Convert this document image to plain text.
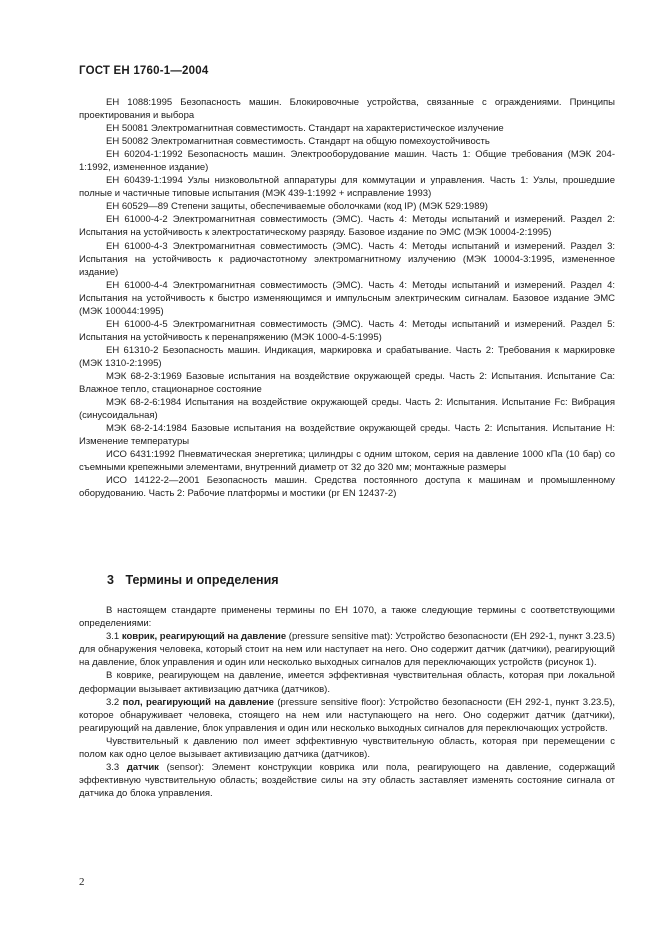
ГОСТ ЕН 1760-1—2004

ЕН 1088:1995 Безопасность машин. Блокировочные устройства, связанные с ограждениями. Принципы проектирования и выбора

ЕН 50081 Электромагнитная совместимость. Стандарт на характеристическое излучение

ЕН 50082 Электромагнитная совместимость. Стандарт на общую помехоустойчивость

ЕН 60204-1:1992 Безопасность машин. Электрооборудование машин. Часть 1: Общие требования (МЭК 204-1:1992, измененное издание)

ЕН 60439-1:1994 Узлы низковольтной аппаратуры для коммутации и управления. Часть 1: Узлы, прошедшие полные и частичные типовые испытания (МЭК 439-1:1992 + исправление 1993)

ЕН 60529—89 Степени защиты, обеспечиваемые оболочками (код IP) (МЭК 529:1989)

ЕН 61000-4-2 Электромагнитная совместимость (ЭМС). Часть 4: Методы испытаний и измерений. Раздел 2: Испытания на устойчивость к электростатическому разряду. Базовое издание по ЭМС (МЭК 10004-2:1995)

ЕН 61000-4-3 Электромагнитная совместимость (ЭМС). Часть 4: Методы испытаний и измерений. Раздел 3: Испытания на устойчивость к радиочастотному электромагнитному излучению (МЭК 10004-3:1995, измененное издание)

ЕН 61000-4-4 Электромагнитная совместимость (ЭМС). Часть 4: Методы испытаний и измерений. Раздел 4: Испытания на устойчивость к быстро изменяющимся и импульсным электрическим сигналам. Базовое издание ЭМС (МЭК 100044:1995)

ЕН 61000-4-5 Электромагнитная совместимость (ЭМС). Часть 4: Методы испытаний и измерений. Раздел 5: Испытания на устойчивость к перенапряжению (МЭК 1000-4-5:1995)

ЕН 61310-2 Безопасность машин. Индикация, маркировка и срабатывание. Часть 2: Требования к маркировке (МЭК 1310-2:1995)

МЭК 68-2-3:1969 Базовые испытания на воздействие окружающей среды. Часть 2: Испытания. Испытание Са: Влажное тепло, стационарное состояние

МЭК 68-2-6:1984 Испытания на воздействие окружающей среды. Часть 2: Испытания. Испытание Fc: Вибрация (синусоидальная)

МЭК 68-2-14:1984 Базовые испытания на воздействие окружающей среды. Часть 2: Испытания. Испытание Н: Изменение температуры

ИСО 6431:1992 Пневматическая энергетика; цилиндры с одним штоком, серия на давление 1000 кПа (10 бар) со съемными крепежными элементами, внутренний диаметр от 32 до 320 мм; монтажные размеры

ИСО 14122-2—2001 Безопасность машин. Средства постоянного доступа к машинам и промышленному оборудованию. Часть 2: Рабочие платформы и мостики (pr EN 12437-2)

3 Термины и определения

В настоящем стандарте применены термины по ЕН 1070, а также следующие термины с соответствующими определениями:

3.1 коврик, реагирующий на давление (pressure sensitive mat): Устройство безопасности (ЕН 292-1, пункт 3.23.5) для обнаружения человека, который стоит на нем или наступает на него. Оно содержит датчик (датчики), реагирующий на давление, блок управления и один или несколько выходных сигналов для переключающих устройств (рисунок 1).

В коврике, реагирующем на давление, имеется эффективная чувствительная область, которая при локальной деформации вызывает активизацию датчика (датчиков).

3.2 пол, реагирующий на давление (pressure sensitive floor): Устройство безопасности (ЕН 292-1, пункт 3.23.5), которое обнаруживает человека, стоящего на нем или наступающего на него. Оно содержит датчик (датчики), реагирующий на давление, блок управления и один или несколько выходных сигналов для переключающих устройств.

Чувствительный к давлению пол имеет эффективную чувствительную область, которая при перемещении с полом как одно целое вызывает активизацию датчика (датчиков).

3.3 датчик (sensor): Элемент конструкции коврика или пола, реагирующего на давление, содержащий эффективную чувствительную область; воздействие силы на эту область заставляет изменять состояние сигнала от датчика до блока управления.

2
